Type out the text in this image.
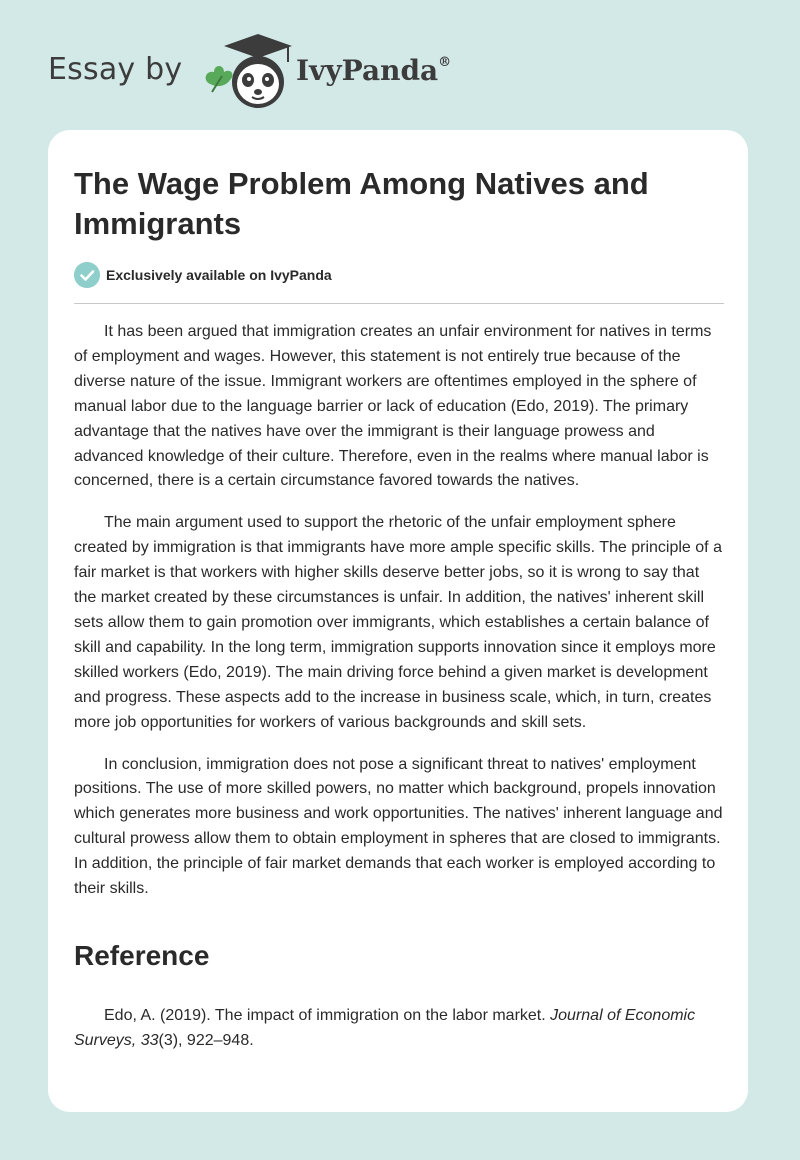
Essay by	IvyPanda®
The Wage Problem Among Natives and Immigrants
Exclusively available on IvyPanda

It has been argued that immigration creates an unfair environment for natives in terms of employment and wages. However, this statement is not entirely true because of the diverse nature of the issue. Immigrant workers are oftentimes employed in the sphere of manual labor due to the language barrier or lack of education (Edo, 2019). The primary advantage that the natives have over the immigrant is their language prowess and advanced knowledge of their culture. Therefore, even in the realms where manual labor is concerned, there is a certain circumstance favored towards the natives.

The main argument used to support the rhetoric of the unfair employment sphere created by immigration is that immigrants have more ample specific skills. The principle of a fair market is that workers with higher skills deserve better jobs, so it is wrong to say that the market created by these circumstances is unfair. In addition, the natives' inherent skill sets allow them to gain promotion over immigrants, which establishes a certain balance of skill and capability. In the long term, immigration supports innovation since it employs more skilled workers (Edo, 2019). The main driving force behind a given market is development and progress. These aspects add to the increase in business scale, which, in turn, creates more job opportunities for workers of various backgrounds and skill sets.

In conclusion, immigration does not pose a significant threat to natives' employment positions. The use of more skilled powers, no matter which background, propels innovation which generates more business and work opportunities. The natives' inherent language and cultural prowess allow them to obtain employment in spheres that are closed to immigrants. In addition, the principle of fair market demands that each worker is employed according to their skills.

Reference

Edo, A. (2019). The impact of immigration on the labor market. Journal of Economic Surveys, 33(3), 922–948.
